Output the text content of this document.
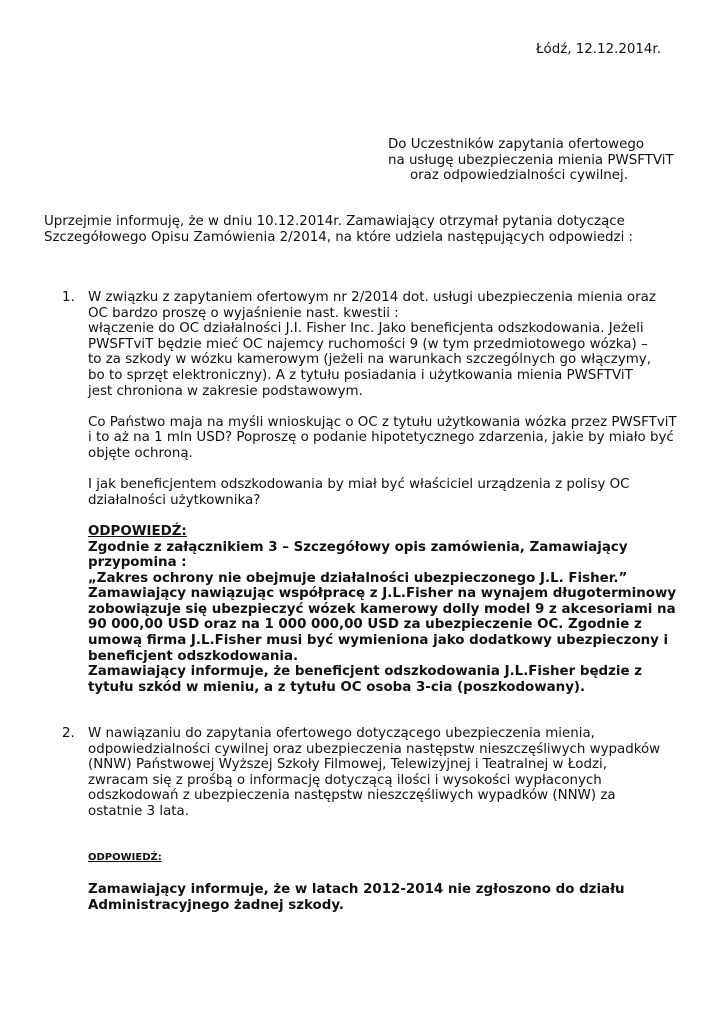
Łódź, 12.12.2014r.
Do Uczestników zapytania ofertowego
na usługę ubezpieczenia mienia PWSFTViT
oraz odpowiedzialności cywilnej.
Uprzejmie informuję, że w dniu 10.12.2014r. Zamawiający otrzymał pytania dotyczące
Szczegółowego Opisu Zamówienia 2/2014, na które udziela następujących odpowiedzi :
1. W związku z zapytaniem ofertowym nr 2/2014 dot. usługi ubezpieczenia mienia oraz
OC bardzo proszę o wyjaśnienie nast. kwestii :
włączenie do OC działalności J.I. Fisher Inc. Jako beneficjenta odszkodowania. Jeżeli
PWSFTviT będzie mieć OC najemcy ruchomości 9 (w tym przedmiotowego wózka) –
to za szkody w wózku kamerowym (jeżeli na warunkach szczególnych go włączymy,
bo to sprzęt elektroniczny). A z tytułu posiadania i użytkowania mienia PWSFTViT
jest chroniona w zakresie podstawowym.
Co Państwo maja na myśli wnioskując o OC z tytułu użytkowania wózka przez PWSFTviT
i to aż na 1 mln USD? Poproszę o podanie hipotetycznego zdarzenia, jakie by miało być
objęte ochroną.
I jak beneficjentem odszkodowania by miał być właściciel urządzenia z polisy OC
działalności użytkownika?
ODPOWIEDŹ:
Zgodnie z załącznikiem 3 – Szczegółowy opis zamówienia, Zamawiający
przypomina :
„Zakres ochrony nie obejmuje działalności ubezpieczonego J.L. Fisher.”
Zamawiający nawiązując współpracę z J.L.Fisher na wynajem długoterminowy
zobowiązuje się ubezpieczyć wózek kamerowy dolly model 9 z akcesoriami na
90 000,00 USD oraz na 1 000 000,00 USD za ubezpieczenie OC. Zgodnie z
umową firma J.L.Fisher musi być wymieniona jako dodatkowy ubezpieczony i
beneficjent odszkodowania.
Zamawiający informuje, że beneficjent odszkodowania J.L.Fisher będzie z
tytułu szkód w mieniu, a z tytułu OC osoba 3-cia (poszkodowany).
2. W nawiązaniu do zapytania ofertowego dotyczącego ubezpieczenia mienia,
odpowiedzialności cywilnej oraz ubezpieczenia następstw nieszczęśliwych wypadków
(NNW) Państwowej Wyższej Szkoły Filmowej, Telewizyjnej i Teatralnej w Łodzi,
zwracam się z prośbą o informację dotyczącą ilości i wysokości wypłaconych
odszkodowań z ubezpieczenia następstw nieszczęśliwych wypadków (NNW) za
ostatnie 3 lata.
ODPOWIEDŹ:
Zamawiający informuje, że w latach 2012-2014 nie zgłoszono do działu
Administracyjnego żadnej szkody.
